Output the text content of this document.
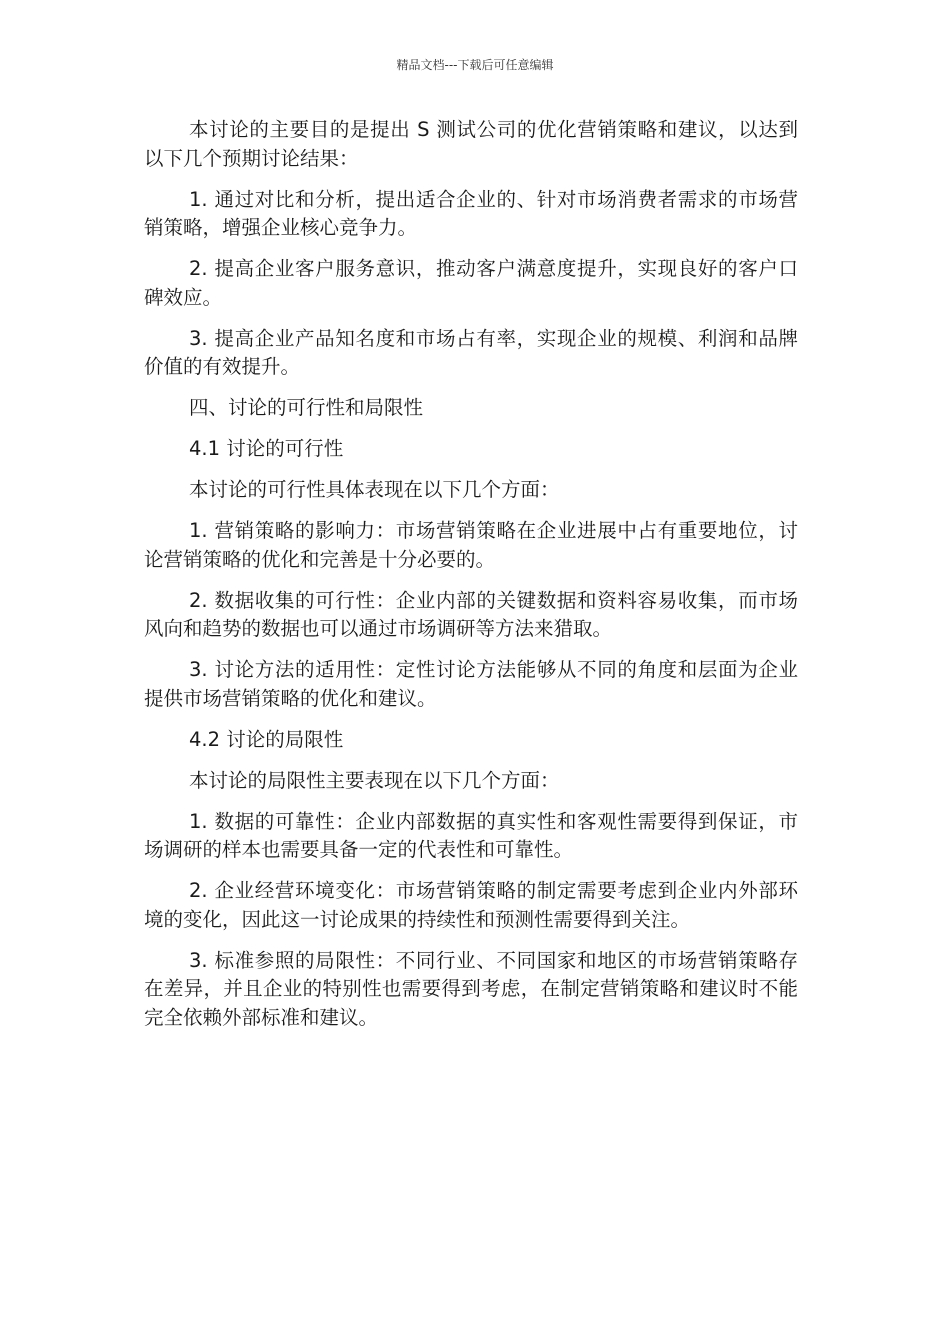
精品文档---下载后可任意编辑

本讨论的主要目的是提出 S 测试公司的优化营销策略和建议，以达到以下几个预期讨论结果：

1. 通过对比和分析，提出适合企业的、针对市场消费者需求的市场营销策略，增强企业核心竞争力。

2. 提高企业客户服务意识，推动客户满意度提升，实现良好的客户口碑效应。

3. 提高企业产品知名度和市场占有率，实现企业的规模、利润和品牌价值的有效提升。

四、讨论的可行性和局限性

4.1 讨论的可行性

本讨论的可行性具体表现在以下几个方面：

1. 营销策略的影响力：市场营销策略在企业进展中占有重要地位，讨论营销策略的优化和完善是十分必要的。

2. 数据收集的可行性：企业内部的关键数据和资料容易收集，而市场风向和趋势的数据也可以通过市场调研等方法来猎取。

3. 讨论方法的适用性：定性讨论方法能够从不同的角度和层面为企业提供市场营销策略的优化和建议。

4.2 讨论的局限性

本讨论的局限性主要表现在以下几个方面：

1. 数据的可靠性：企业内部数据的真实性和客观性需要得到保证，市场调研的样本也需要具备一定的代表性和可靠性。

2. 企业经营环境变化：市场营销策略的制定需要考虑到企业内外部环境的变化，因此这一讨论成果的持续性和预测性需要得到关注。

3. 标准参照的局限性：不同行业、不同国家和地区的市场营销策略存在差异，并且企业的特别性也需要得到考虑，在制定营销策略和建议时不能完全依赖外部标准和建议。
